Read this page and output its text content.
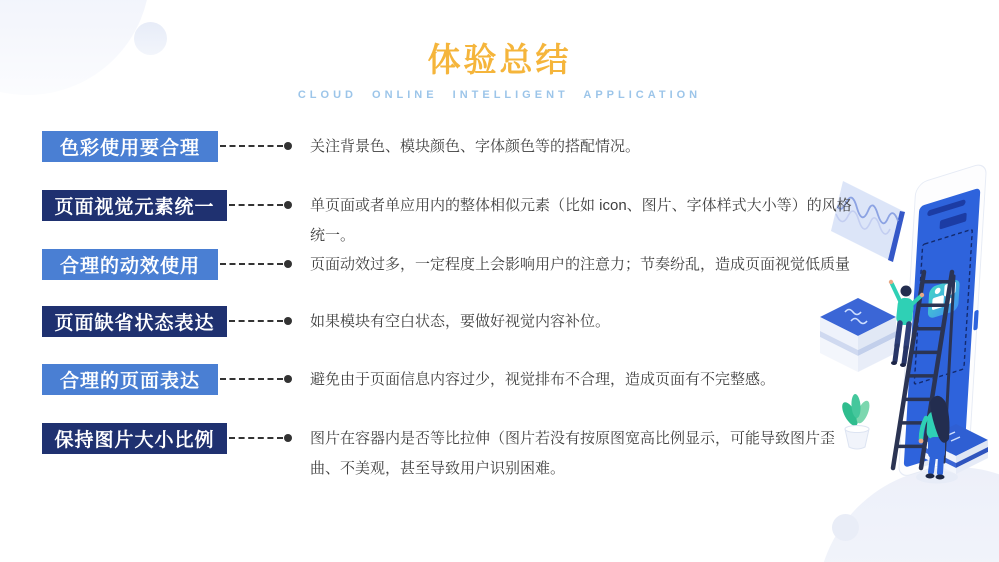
体验总结
CLOUD ONLINE INTELLIGENT APPLICATION
色彩使用要合理	关注背景色、模块颜色、字体颜色等的搭配情况。
页面视觉元素统一	单页面或者单应用内的整体相似元素（比如 icon、图片、字体样式大小等）的风格统一。
合理的动效使用	页面动效过多，一定程度上会影响用户的注意力；节奏纷乱，造成页面视觉低质量
页面缺省状态表达	如果模块有空白状态，要做好视觉内容补位。
合理的页面表达	避免由于页面信息内容过少，视觉排布不合理，造成页面有不完整感。
保持图片大小比例	图片在容器内是否等比拉伸（图片若没有按原图宽高比例显示，可能导致图片歪曲、不美观，甚至导致用户识别困难。
